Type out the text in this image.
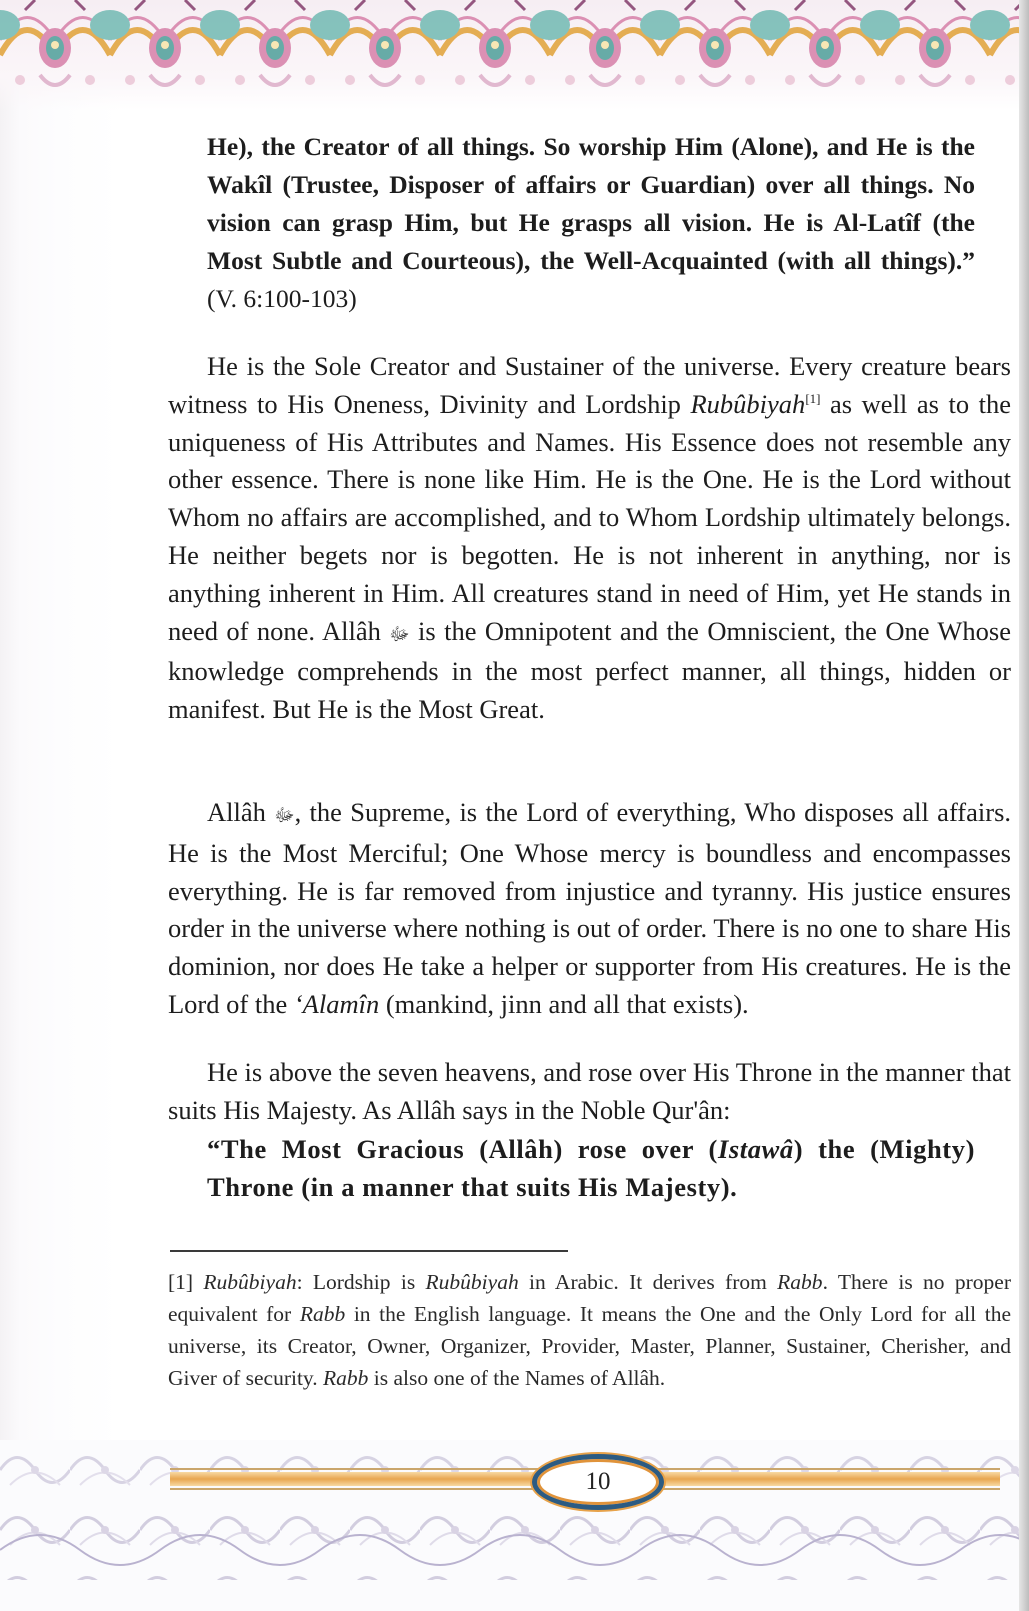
He), the Creator of all things. So worship Him (Alone), and He is the Wakîl (Trustee, Disposer of affairs or Guardian) over all things. No vision can grasp Him, but He grasps all vision. He is Al-Latîf (the Most Subtle and Courteous), the Well-Acquainted (with all things).” (V. 6:100-103)
He is the Sole Creator and Sustainer of the universe. Every creature bears witness to His Oneness, Divinity and Lordship Rubûbiyah[1] as well as to the uniqueness of His Attributes and Names. His Essence does not resemble any other essence. There is none like Him. He is the One. He is the Lord without Whom no affairs are accomplished, and to Whom Lordship ultimately belongs. He neither begets nor is begotten. He is not inherent in anything, nor is anything inherent in Him. All creatures stand in need of Him, yet He stands in need of none. Allâh ﷻ is the Omnipotent and the Omniscient, the One Whose knowledge comprehends in the most perfect manner, all things, hidden or manifest. But He is the Most Great.
Allâh ﷻ, the Supreme, is the Lord of everything, Who disposes all affairs. He is the Most Merciful; One Whose mercy is boundless and encompasses everything. He is far removed from injustice and tyranny. His justice ensures order in the universe where nothing is out of order. There is no one to share His dominion, nor does He take a helper or supporter from His creatures. He is the Lord of the ‘Alamîn (mankind, jinn and all that exists).
He is above the seven heavens, and rose over His Throne in the manner that suits His Majesty. As Allâh says in the Noble Qur'ân:
“The Most Gracious (Allâh) rose over (Istawâ) the (Mighty) Throne (in a manner that suits His Majesty).
[1] Rubûbiyah: Lordship is Rubûbiyah in Arabic. It derives from Rabb. There is no proper equivalent for Rabb in the English language. It means the One and the Only Lord for all the universe, its Creator, Owner, Organizer, Provider, Master, Planner, Sustainer, Cherisher, and Giver of security. Rabb is also one of the Names of Allâh.
10
